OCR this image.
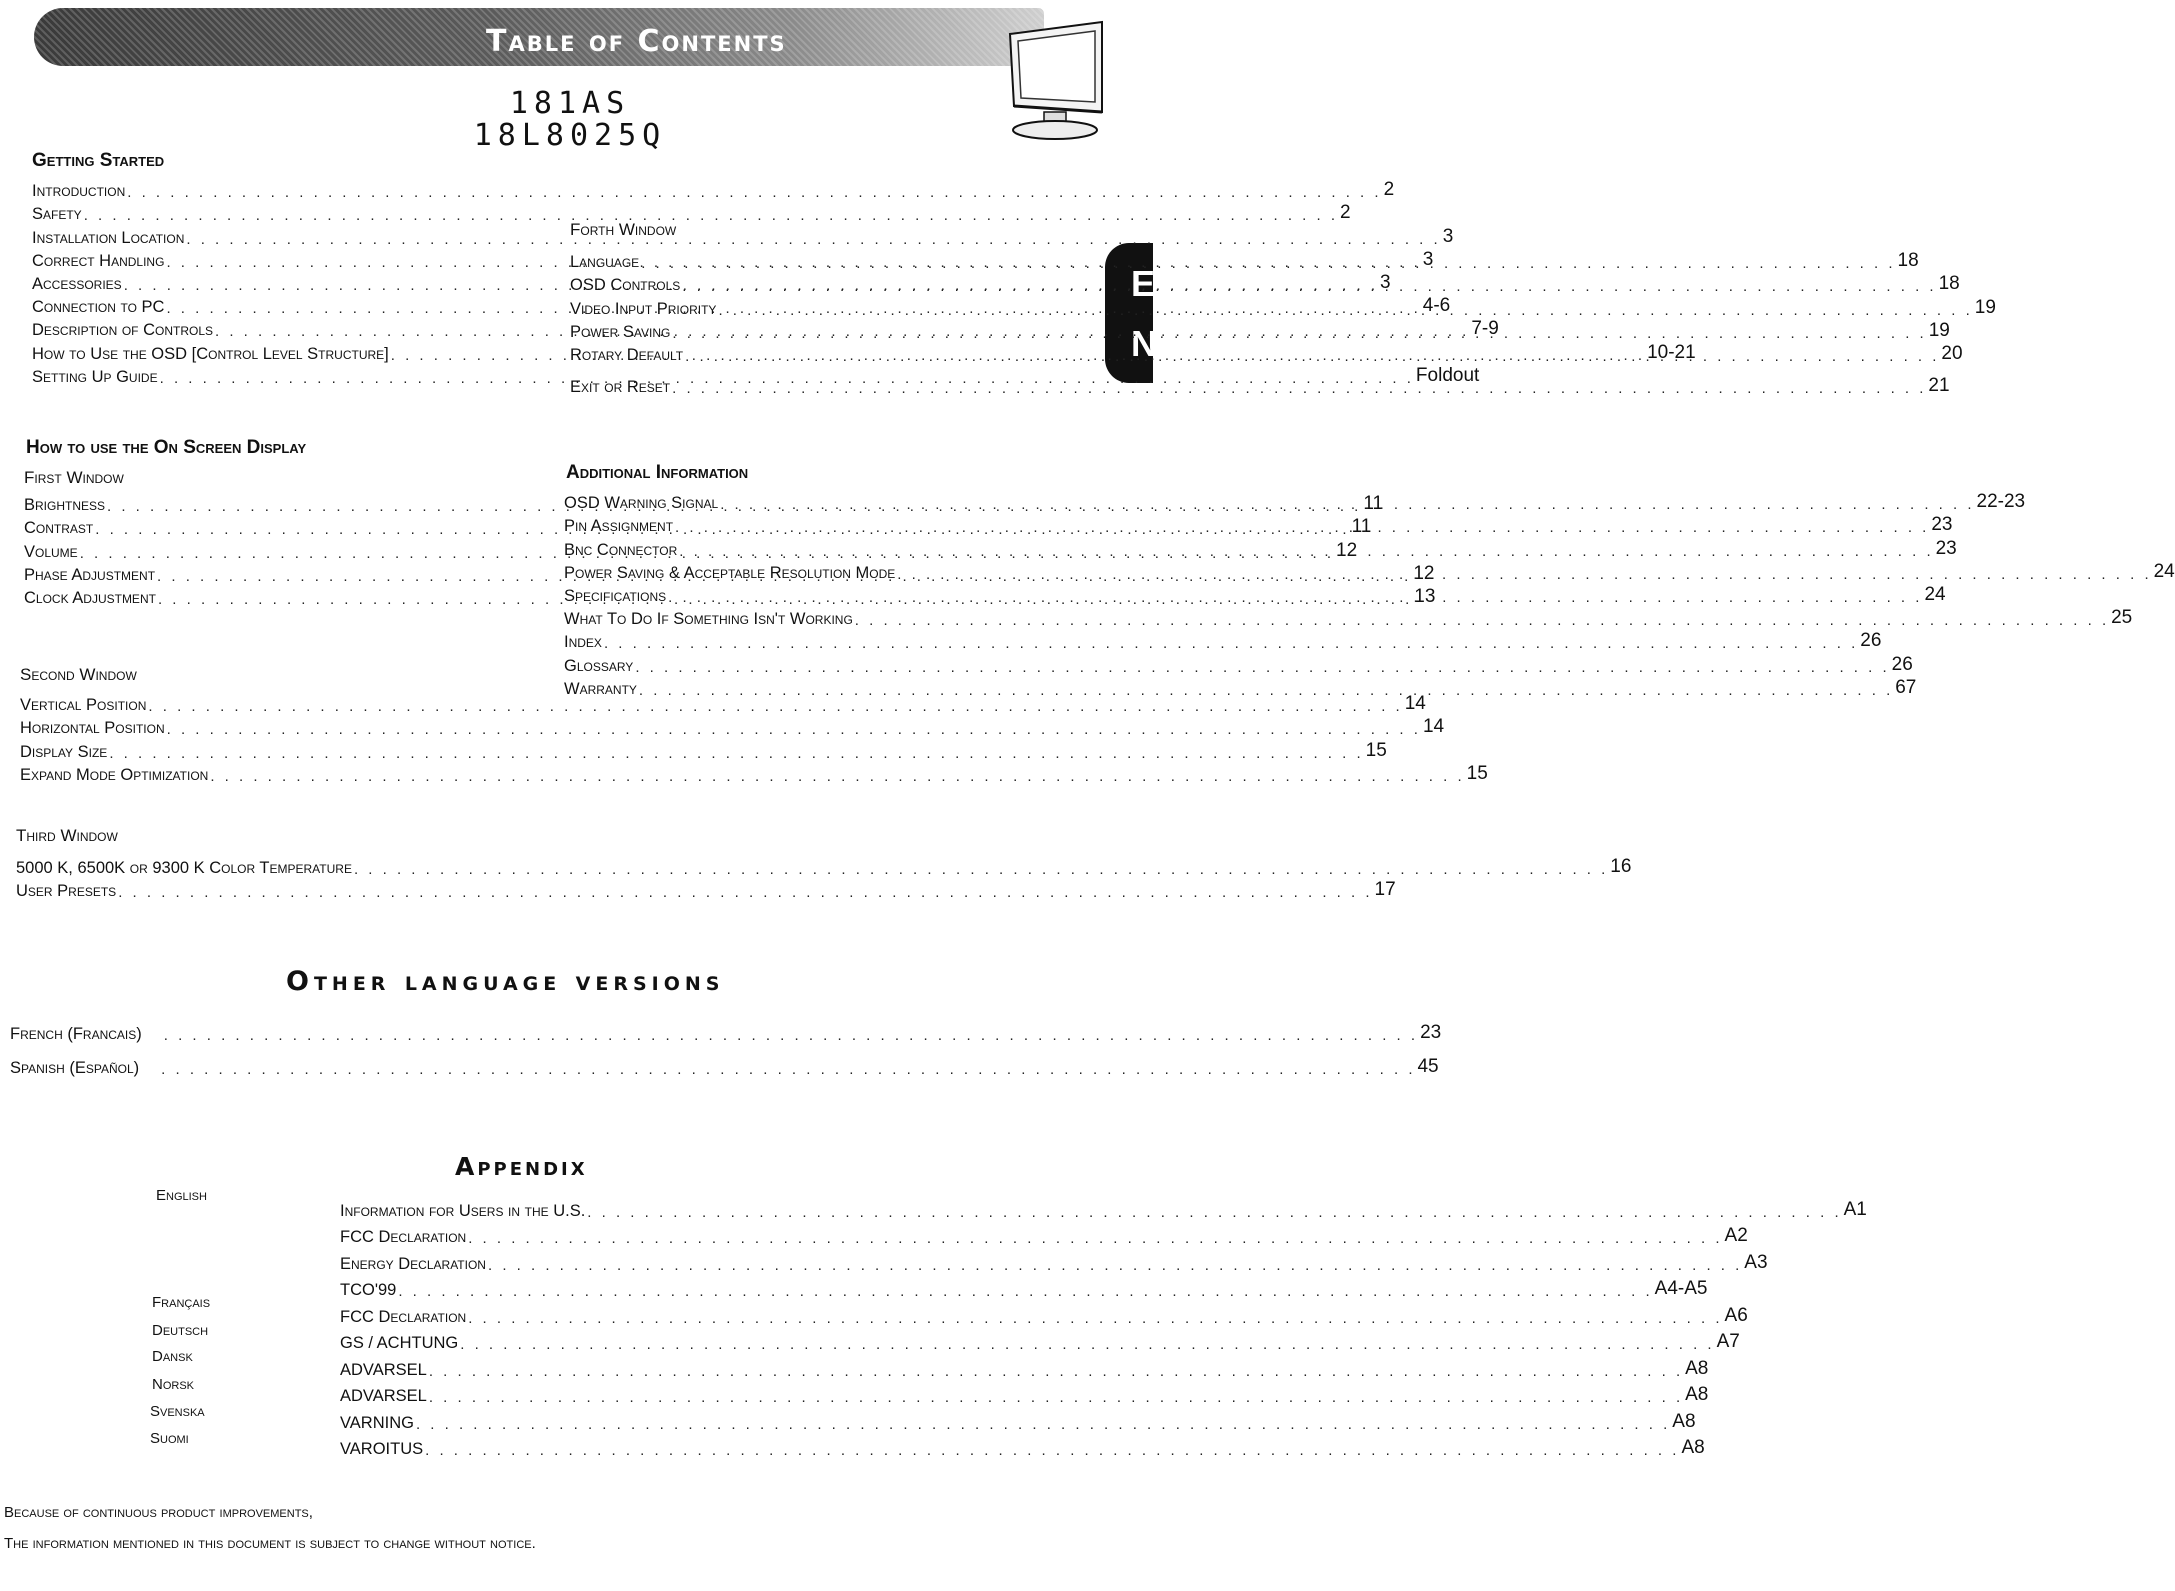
Table of Contents
181AS
18L8025Q
E
N
Getting Started
Introduction . . .	2
Safety . . .	2
Installation Location . . .	3
Correct Handling . . .	3
Accessories . . .	3
Connection to PC . . .	4-6
Description of Controls . . .	7-9
How to Use the OSD [Control Level Structure] . . .	10-21
Setting Up Guide . . .	Foldout
How to use the On Screen Display
First Window
Brightness . . .	11
Contrast . . .	11
Volume . . .	12
Phase Adjustment . . .	12
Clock Adjustment . . .	13
Second Window
Vertical Position . . .	14
Horizontal Position . . .	14
Display Size . . .	15
Expand Mode Optimization . . .	15
Third Window
5000 K, 6500K or 9300 K Color Temperature . . .	16
User Presets . . .	17
Forth Window
Language . . .	18
OSD Controls . . .	18
Video Input Priority . . .	19
Power Saving . . .	19
Rotary Default . . .	20
Exit or Reset . . .	21
Additional Information
OSD Warning Signal . . .	22-23
Pin Assignment . . .	23
Bnc Connector . . .	23
Power Saving & Acceptable Resolution Mode . . .	24
Specifications . . .	24
What To Do If Something Isn't Working . . .	25
Index . . .	26
Glossary . . .	26
Warranty . . .	67
Other language versions
French (Francais) . . .	23
Spanish (Español) . . .	45
Appendix
English
Français
Deutsch
Dansk
Norsk
Svenska
Suomi
Information for Users in the U.S. . . .	A1
FCC Declaration . . .	A2
Energy Declaration . . .	A3
TCO'99 . . .	A4-A5
FCC Declaration . . .	A6
GS / ACHTUNG . . .	A7
ADVARSEL . . .	A8
ADVARSEL . . .	A8
VARNING . . .	A8
VAROITUS . . .	A8
Because of continuous product improvements,
The information mentioned in this document is subject to change without notice.
